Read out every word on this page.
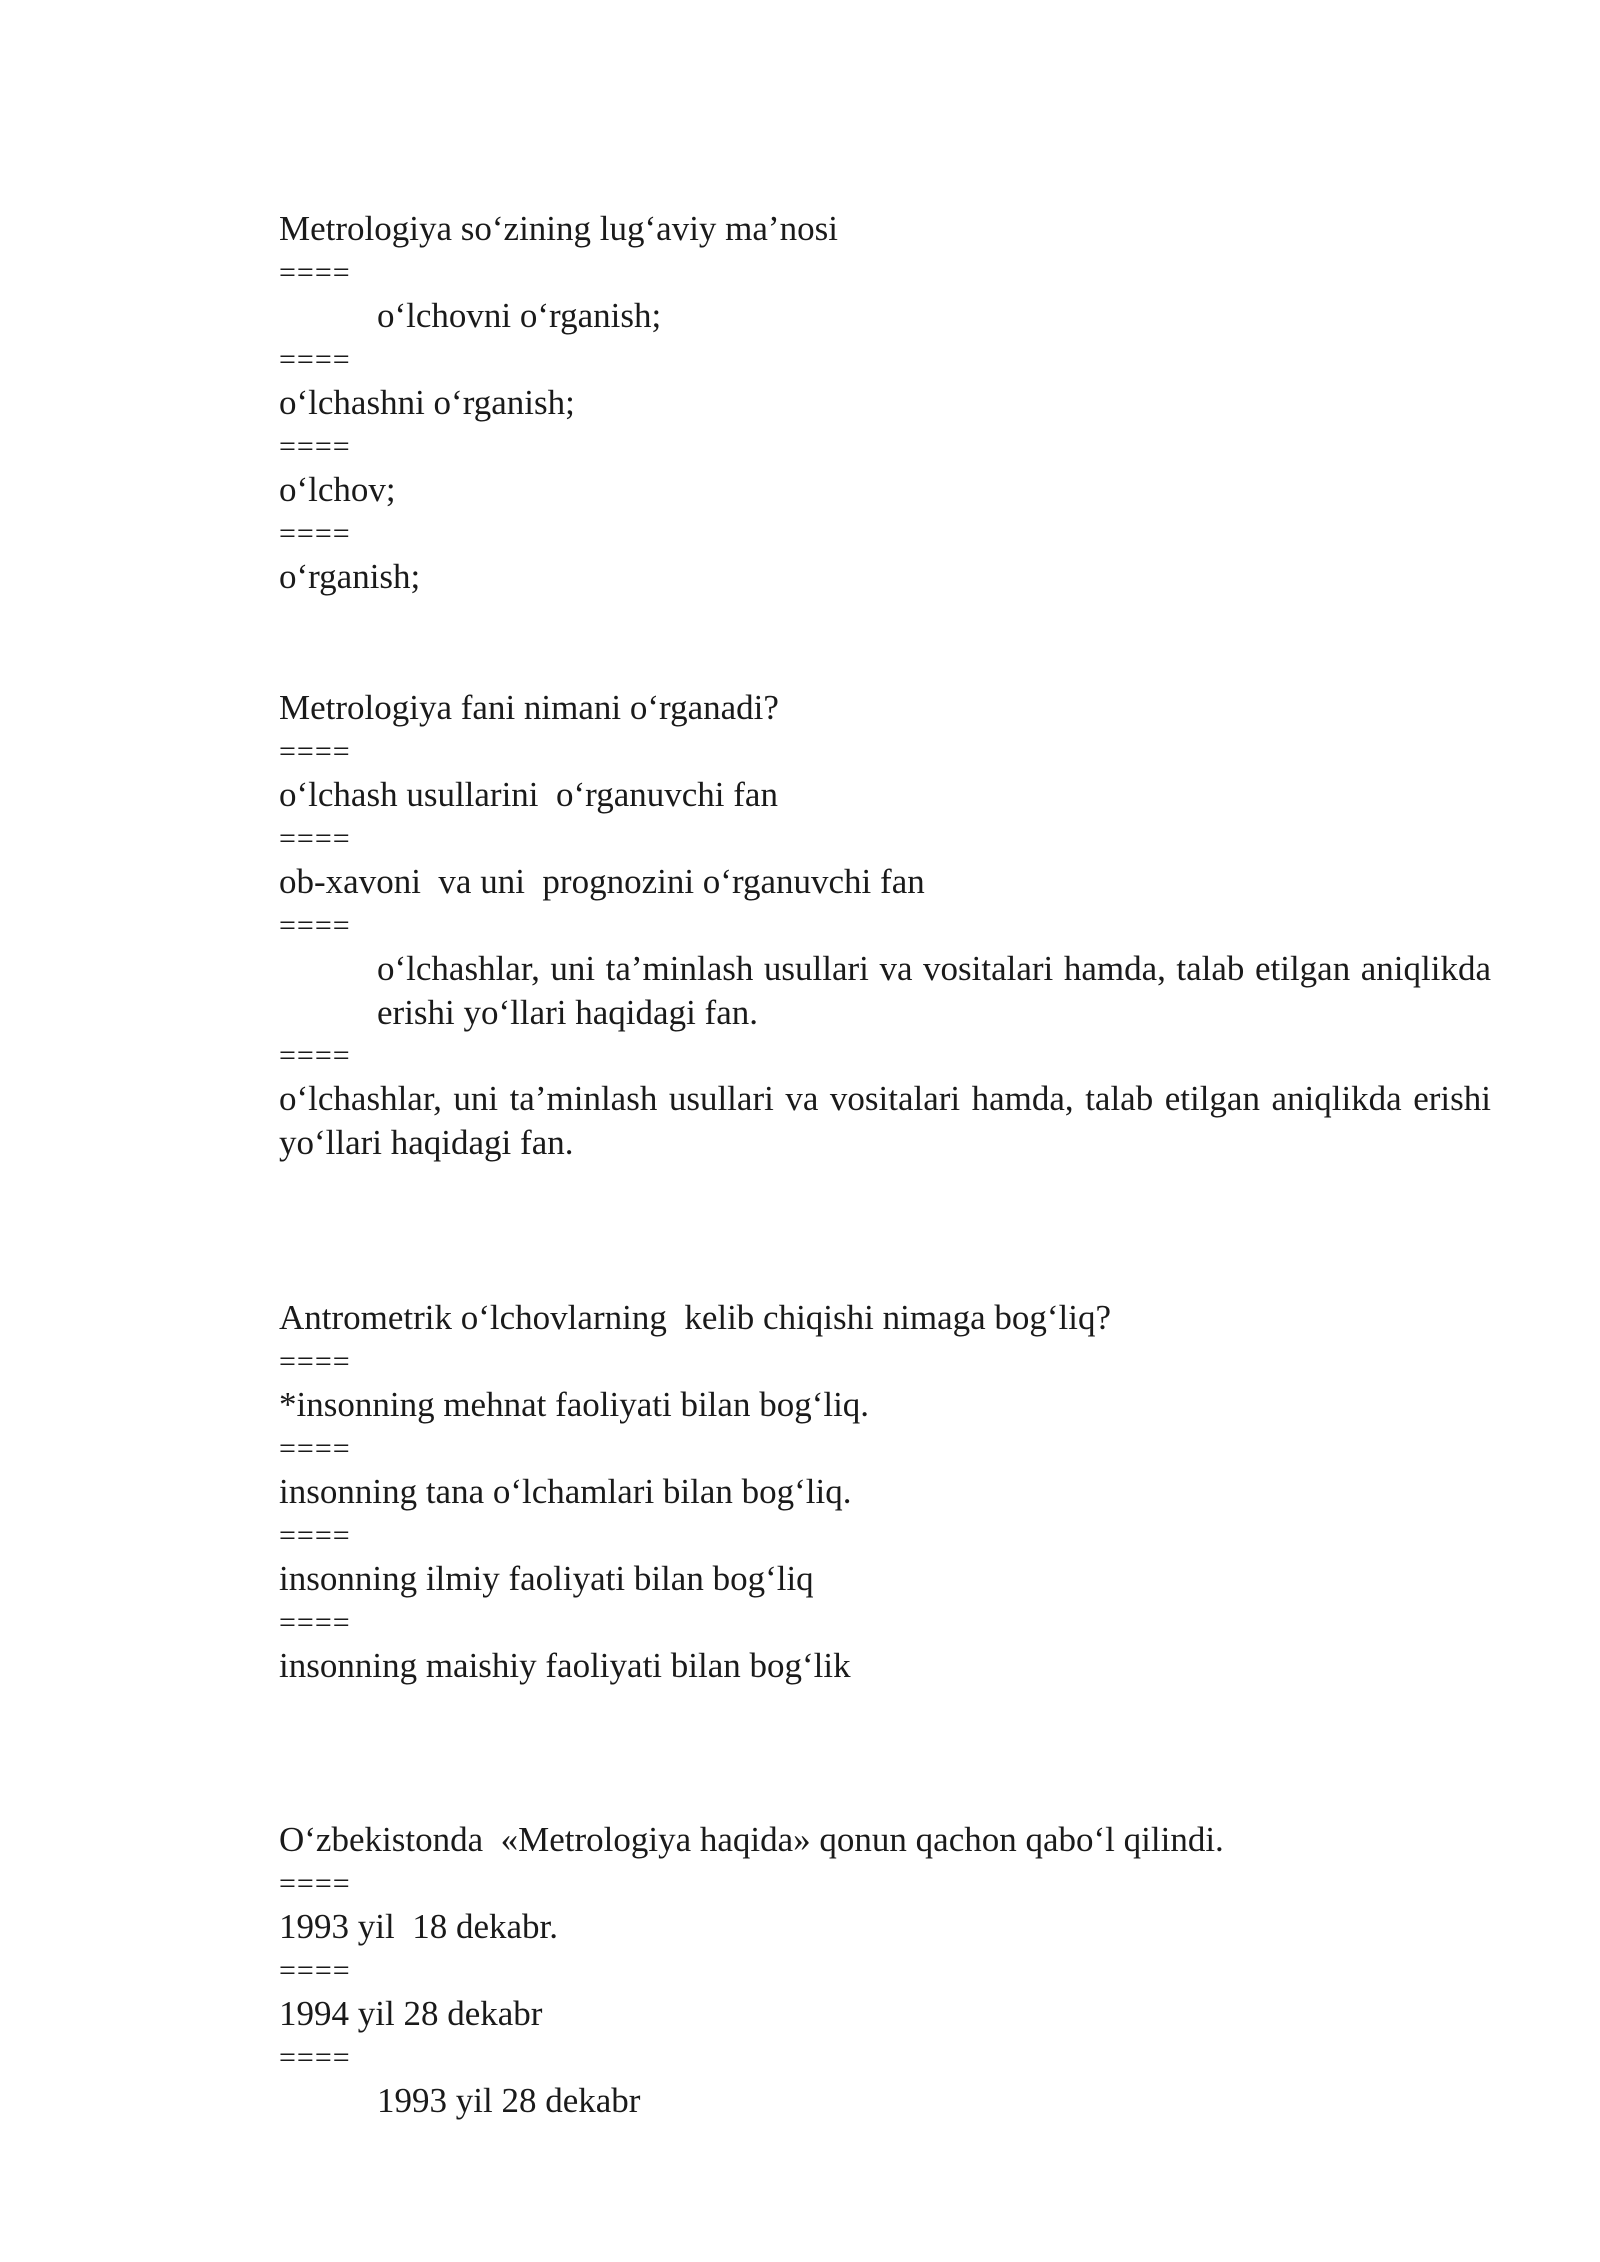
Metrologiya so‘zining lug‘aviy ma’nosi
====
o‘lchovni o‘rganish;
====
o‘lchashni o‘rganish;
====
o‘lchov;
====
o‘rganish;
Metrologiya fani nimani o‘rganadi?
====
o‘lchash usullarini  o‘rganuvchi fan
====
ob-xavoni  va uni  prognozini o‘rganuvchi fan
====
o‘lchashlar, uni ta’minlash usullari va vositalari hamda, talab etilgan aniqlikda erishi yo‘llari haqidagi fan.
====
o‘lchashlar, uni ta’minlash usullari va vositalari hamda, talab etilgan aniqlikda erishi yo‘llari haqidagi fan.
Antrometrik o‘lchovlarning  kelib chiqishi nimaga bog‘liq?
====
*insonning mehnat faoliyati bilan bog‘liq.
====
insonning tana o‘lchamlari bilan bog‘liq.
====
insonning ilmiy faoliyati bilan bog‘liq
====
insonning maishiy faoliyati bilan bog‘lik
O‘zbekistonda  «Metrologiya haqida» qonun qachon qabo‘l qilindi.
====
1993 yil  18 dekabr.
====
1994 yil 28 dekabr
====
1993 yil 28 dekabr
